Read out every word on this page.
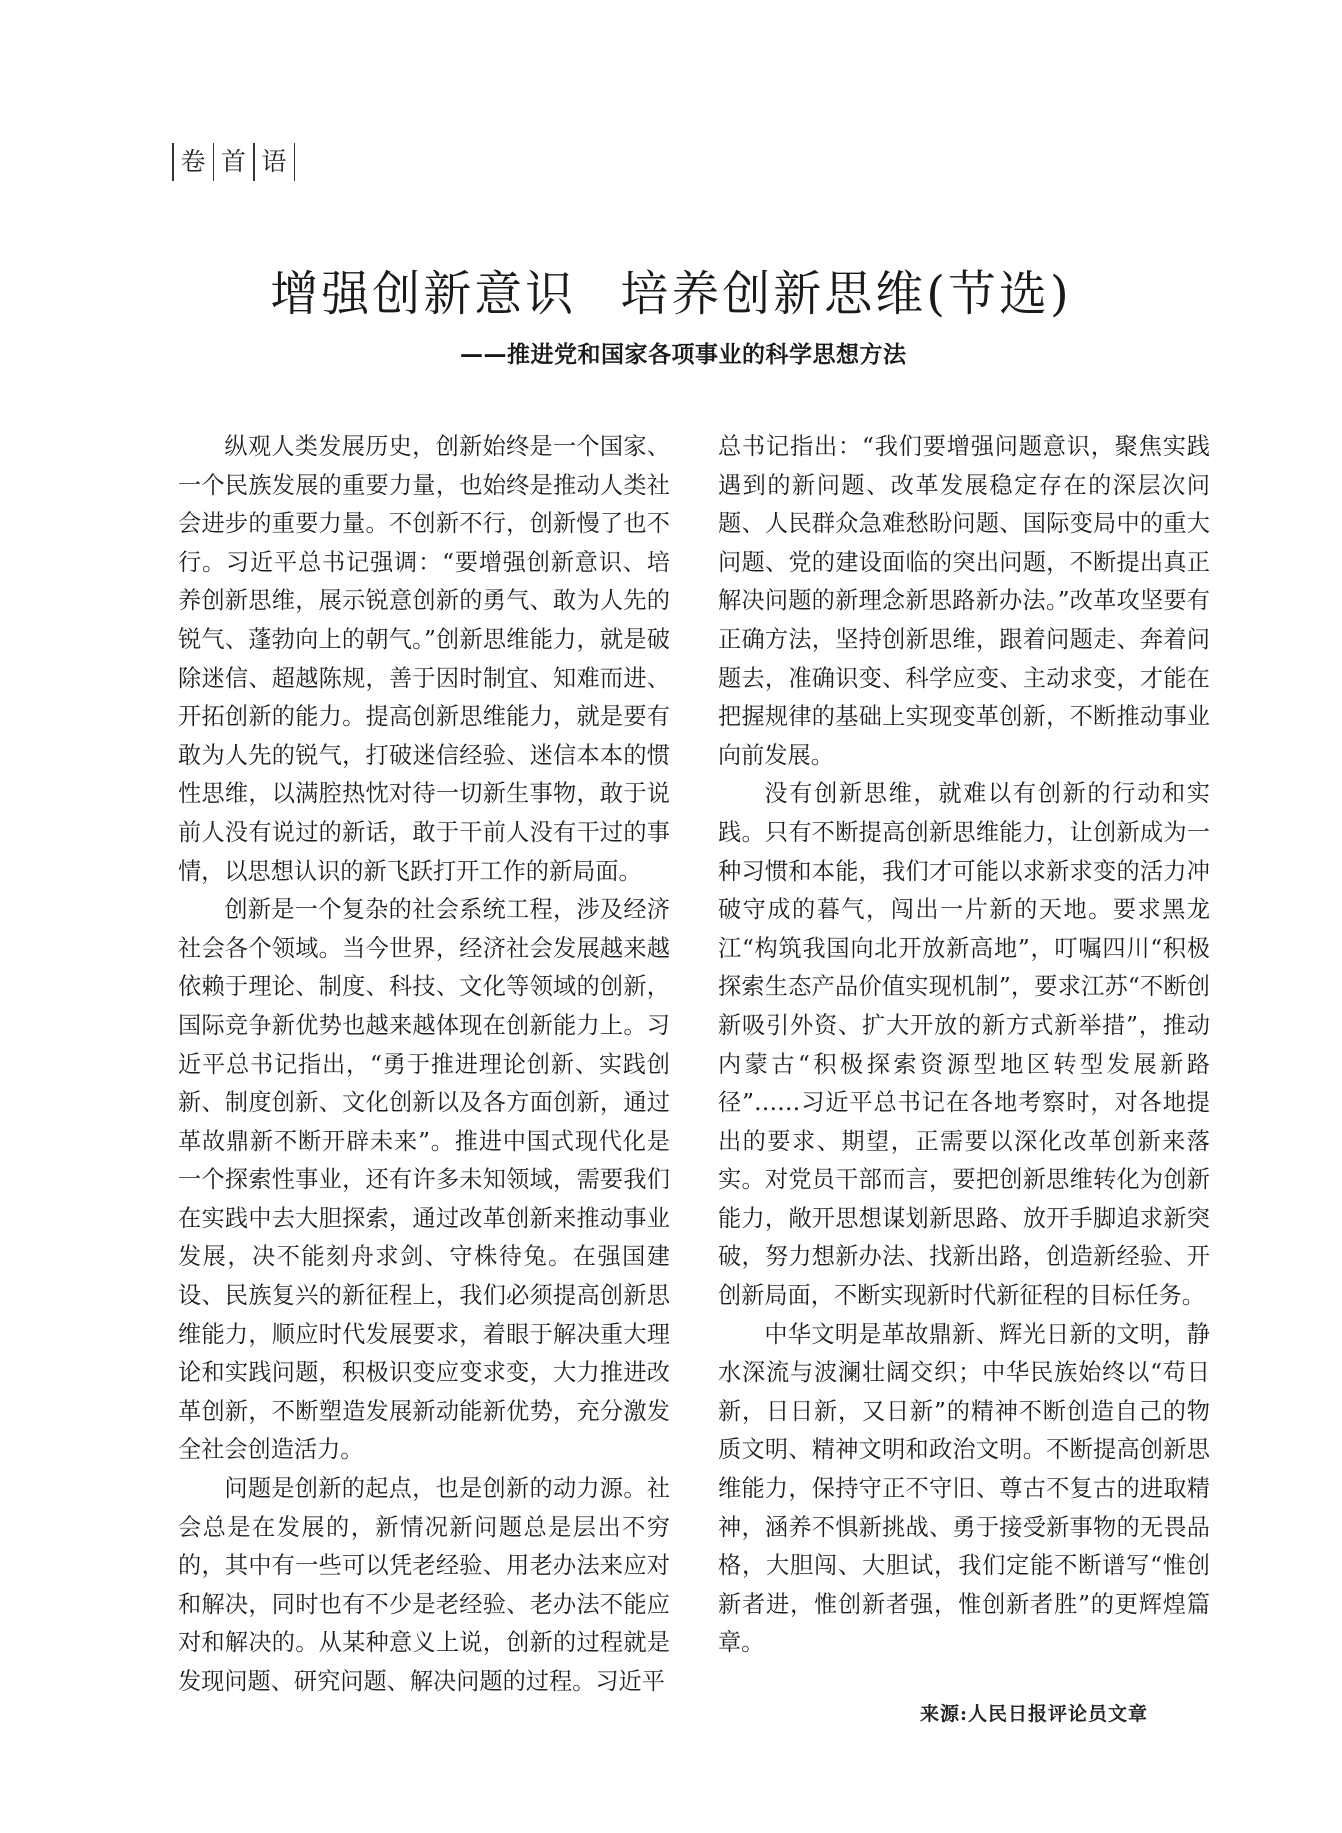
卷 首 语
增强创新意识 培养创新思维(节选)
——推进党和国家各项事业的科学思想方法

纵观人类发展历史，创新始终是一个国家、一个民族发展的重要力量，也始终是推动人类社会进步的重要力量。不创新不行，创新慢了也不行。习近平总书记强调：“要增强创新意识、培养创新思维，展示锐意创新的勇气、敢为人先的锐气、蓬勃向上的朝气。”创新思维能力，就是破除迷信、超越陈规，善于因时制宜、知难而进、开拓创新的能力。提高创新思维能力，就是要有敢为人先的锐气，打破迷信经验、迷信本本的惯性思维，以满腔热忱对待一切新生事物，敢于说前人没有说过的新话，敢于干前人没有干过的事情，以思想认识的新飞跃打开工作的新局面。

创新是一个复杂的社会系统工程，涉及经济社会各个领域。当今世界，经济社会发展越来越依赖于理论、制度、科技、文化等领域的创新，国际竞争新优势也越来越体现在创新能力上。习近平总书记指出，“勇于推进理论创新、实践创新、制度创新、文化创新以及各方面创新，通过革故鼎新不断开辟未来”。推进中国式现代化是一个探索性事业，还有许多未知领域，需要我们在实践中去大胆探索，通过改革创新来推动事业发展，决不能刻舟求剑、守株待兔。在强国建设、民族复兴的新征程上，我们必须提高创新思维能力，顺应时代发展要求，着眼于解决重大理论和实践问题，积极识变应变求变，大力推进改革创新，不断塑造发展新动能新优势，充分激发全社会创造活力。

问题是创新的起点，也是创新的动力源。社会总是在发展的，新情况新问题总是层出不穷的，其中有一些可以凭老经验、用老办法来应对和解决，同时也有不少是老经验、老办法不能应对和解决的。从某种意义上说，创新的过程就是发现问题、研究问题、解决问题的过程。习近平

总书记指出：“我们要增强问题意识，聚焦实践遇到的新问题、改革发展稳定存在的深层次问题、人民群众急难愁盼问题、国际变局中的重大问题、党的建设面临的突出问题，不断提出真正解决问题的新理念新思路新办法。”改革攻坚要有正确方法，坚持创新思维，跟着问题走、奔着问题去，准确识变、科学应变、主动求变，才能在把握规律的基础上实现变革创新，不断推动事业向前发展。

没有创新思维，就难以有创新的行动和实践。只有不断提高创新思维能力，让创新成为一种习惯和本能，我们才可能以求新求变的活力冲破守成的暮气，闯出一片新的天地。要求黑龙江“构筑我国向北开放新高地”，叮嘱四川“积极探索生态产品价值实现机制”，要求江苏“不断创新吸引外资、扩大开放的新方式新举措”，推动内蒙古“积极探索资源型地区转型发展新路径”……习近平总书记在各地考察时，对各地提出的要求、期望，正需要以深化改革创新来落实。对党员干部而言，要把创新思维转化为创新能力，敞开思想谋划新思路、放开手脚追求新突破，努力想新办法、找新出路，创造新经验、开创新局面，不断实现新时代新征程的目标任务。

中华文明是革故鼎新、辉光日新的文明，静水深流与波澜壮阔交织；中华民族始终以“苟日新，日日新，又日新”的精神不断创造自己的物质文明、精神文明和政治文明。不断提高创新思维能力，保持守正不守旧、尊古不复古的进取精神，涵养不惧新挑战、勇于接受新事物的无畏品格，大胆闯、大胆试，我们定能不断谱写“惟创新者进，惟创新者强，惟创新者胜”的更辉煌篇章。

来源:人民日报评论员文章
